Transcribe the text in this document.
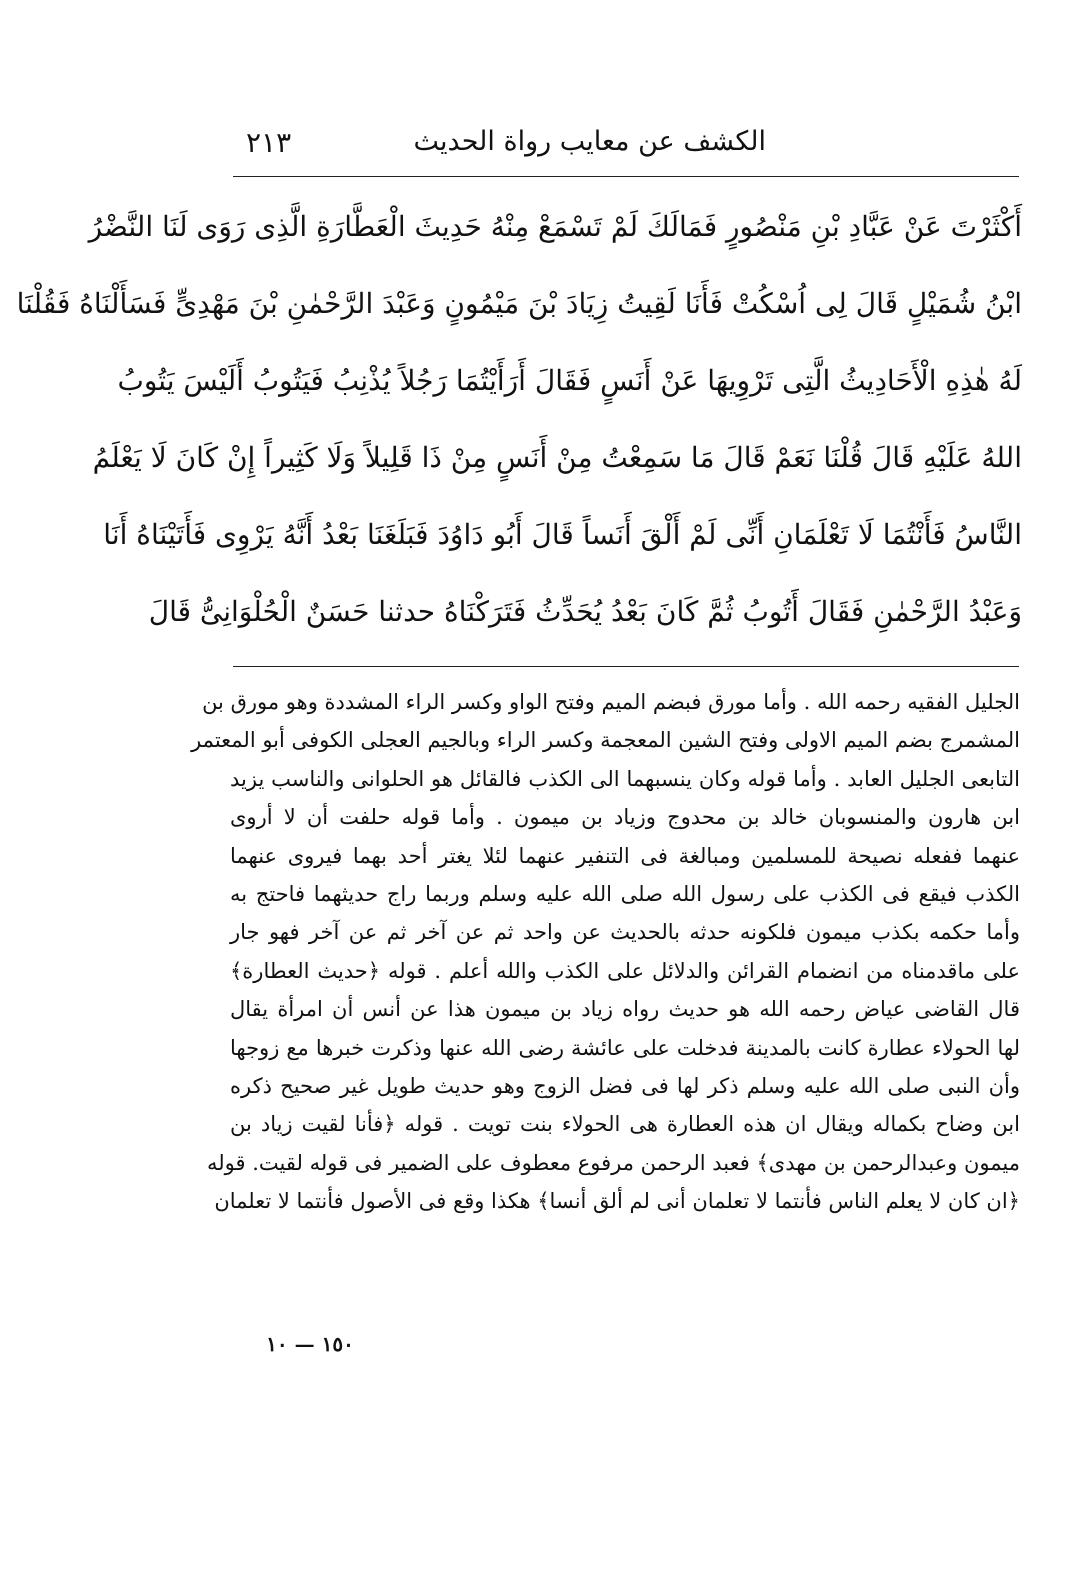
الكشف عن معايب رواة الحديث
٢١٣
أَكْثَرْتَ عَنْ عَبَّادِ بْنِ مَنْصُورٍ فَمَالَكَ لَمْ تَسْمَعْ مِنْهُ حَدِيثَ الْعَطَّارَةِ الَّذِى رَوَى لَنَا النَّضْرُ
ابْنُ شُمَيْلٍ قَالَ لِى اُسْكُتْ فَأَنَا لَقِيتُ زِيَادَ بْنَ مَيْمُونٍ وَعَبْدَ الرَّحْمٰنِ بْنَ مَهْدِىٍّ فَسَأَلْنَاهُ فَقُلْنَا
لَهُ هٰذِهِ الْأَحَادِيثُ الَّتِى تَرْوِيهَا عَنْ أَنَسٍ فَقَالَ أَرَأَيْتُمَا رَجُلاً يُذْنِبُ فَيَتُوبُ أَلَيْسَ يَتُوبُ
اللهُ عَلَيْهِ قَالَ قُلْنَا نَعَمْ قَالَ مَا سَمِعْتُ مِنْ أَنَسٍ مِنْ ذَا قَلِيلاً وَلَا كَثِيراً إِنْ كَانَ لَا يَعْلَمُ
النَّاسُ فَأَنْتُمَا لَا تَعْلَمَانِ أَنِّى لَمْ أَلْقَ أَنَساً قَالَ أَبُو دَاوُدَ فَبَلَغَنَا بَعْدُ أَنَّهُ يَرْوِى فَأَتَيْنَاهُ أَنَا
وَعَبْدُ الرَّحْمٰنِ فَقَالَ أَتُوبُ ثُمَّ كَانَ بَعْدُ يُحَدِّثُ فَتَرَكْنَاهُ حدثنا حَسَنٌ الْحُلْوَانِىُّ قَالَ
الجليل الفقيه رحمه الله . وأما مورق فبضم الميم وفتح الواو وكسر الراء المشددة وهو مورق بن
المشمرج بضم الميم الاولى وفتح الشين المعجمة وكسر الراء وبالجيم العجلى الكوفى أبو المعتمر
التابعى الجليل العابد . وأما قوله وكان ينسبهما الى الكذب فالقائل هو الحلوانى والناسب يزيد
ابن هارون والمنسوبان خالد بن محدوج وزياد بن ميمون . وأما قوله حلفت أن لا أروى
عنهما ففعله نصيحة للمسلمين ومبالغة فى التنفير عنهما لئلا يغتر أحد بهما فيروى عنهما
الكذب فيقع فى الكذب على رسول الله صلى الله عليه وسلم وربما راج حديثهما فاحتج به
وأما حكمه بكذب ميمون فلكونه حدثه بالحديث عن واحد ثم عن آخر ثم عن آخر فهو جار
على ماقدمناه من انضمام القرائن والدلائل على الكذب والله أعلم . قوله ﴿حديث العطارة﴾
قال القاضى عياض رحمه الله هو حديث رواه زياد بن ميمون هذا عن أنس أن امرأة يقال
لها الحولاء عطارة كانت بالمدينة فدخلت على عائشة رضى الله عنها وذكرت خبرها مع زوجها
وأن النبى صلى الله عليه وسلم ذكر لها فى فضل الزوج وهو حديث طويل غير صحيح ذكره
ابن وضاح بكماله ويقال ان هذه العطارة هى الحولاء بنت تويت . قوله ﴿فأنا لقيت زياد بن
ميمون وعبدالرحمن بن مهدى﴾ فعبد الرحمن مرفوع معطوف على الضمير فى قوله لقيت. قوله
﴿ان كان لا يعلم الناس فأنتما لا تعلمان أنى لم ألق أنسا﴾ هكذا وقع فى الأصول فأنتما لا تعلمان
١٥٠ — ١٠
